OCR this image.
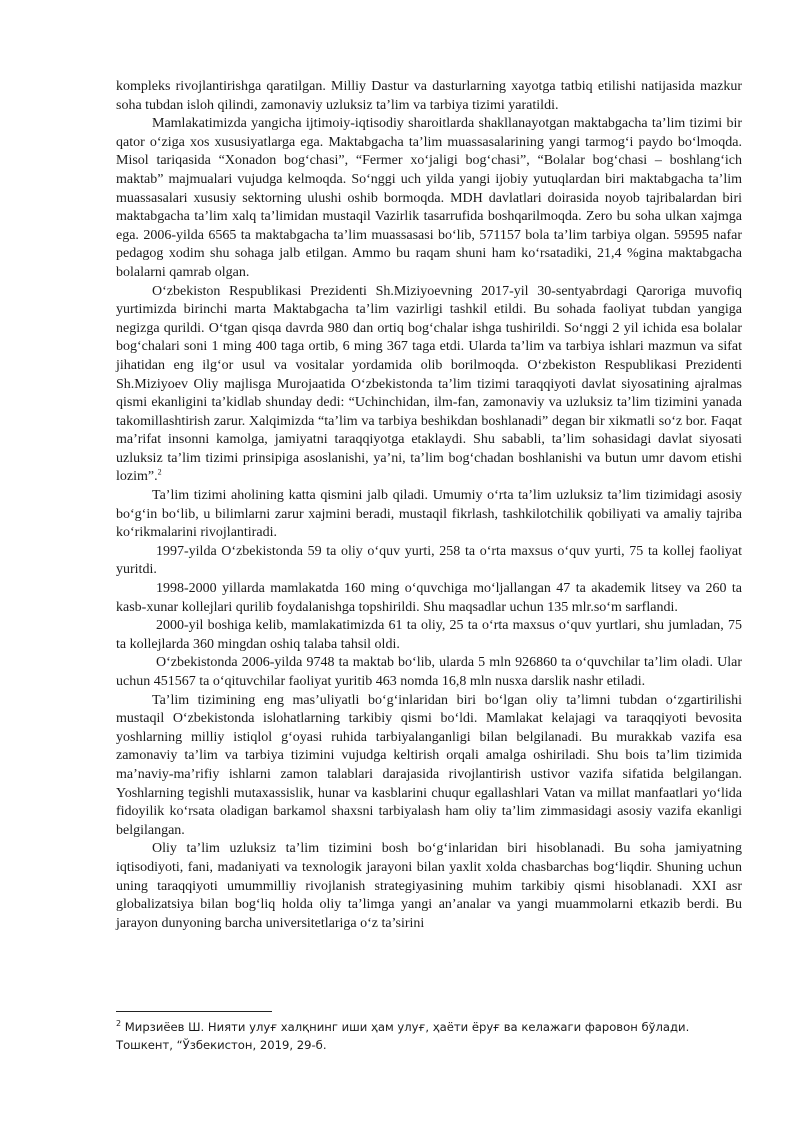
kompleks rivojlantirishga qaratilgan. Milliy Dastur va dasturlarning xayotga tatbiq etilishi natijasida mazkur soha tubdan isloh qilindi, zamonaviy uzluksiz ta’lim va tarbiya tizimi yaratildi.

Mamlakatimizda yangicha ijtimoiy-iqtisodiy sharoitlarda shakllanayotgan maktabgacha ta’lim tizimi bir qator o‘ziga xos xususiyatlarga ega. Maktabgacha ta’lim muassasalarining yangi tarmog‘i paydo bo‘lmoqda. Misol tariqasida “Xonadon bog‘chasi”, “Fermer xo‘jaligi bog‘chasi”, “Bolalar bog‘chasi – boshlang‘ich maktab” majmualari vujudga kelmoqda. So‘nggi uch yilda yangi ijobiy yutuqlardan biri maktabgacha ta’lim muassasalari xususiy sektorning ulushi oshib bormoqda. MDH davlatlari doirasida noyob tajribalardan biri maktabgacha ta’lim xalq ta’limidan mustaqil Vazirlik tasarrufida boshqarilmoqda. Zero bu soha ulkan xajmga ega. 2006-yilda 6565 ta maktabgacha ta’lim muassasasi bo‘lib, 571157 bola ta’lim tarbiya olgan. 59595 nafar pedagog xodim shu sohaga jalb etilgan. Ammo bu raqam shuni ham ko‘rsatadiki, 21,4 %gina maktabgacha bolalarni qamrab olgan.

O‘zbekiston Respublikasi Prezidenti Sh.Miziyoevning 2017-yil 30-sentyabrdagi Qaroriga muvofiq yurtimizda birinchi marta Maktabgacha ta’lim vazirligi tashkil etildi. Bu sohada faoliyat tubdan yangiga negizga qurildi. O‘tgan qisqa davrda 980 dan ortiq bog‘chalar ishga tushirildi. So‘nggi 2 yil ichida esa bolalar bog‘chalari soni 1 ming 400 taga ortib, 6 ming 367 taga etdi. Ularda ta’lim va tarbiya ishlari mazmun va sifat jihatidan eng ilg‘or usul va vositalar yordamida olib borilmoqda. O‘zbekiston Respublikasi Prezidenti Sh.Miziyoev Oliy majlisga Murojaatida O‘zbekistonda ta’lim tizimi taraqqiyoti davlat siyosatining ajralmas qismi ekanligini ta’kidlab shunday dedi: “Uchinchidan, ilm-fan, zamonaviy va uzluksiz ta’lim tizimini yanada takomillashtirish zarur. Xalqimizda “ta’lim va tarbiya beshikdan boshlanadi” degan bir xikmatli so‘z bor. Faqat ma’rifat insonni kamolga, jamiyatni taraqqiyotga etaklaydi. Shu sababli, ta’lim sohasidagi davlat siyosati uzluksiz ta’lim tizimi prinsipiga asoslanishi, ya’ni, ta’lim bog‘chadan boshlanishi va butun umr davom etishi lozim”.$^2$

Ta’lim tizimi aholining katta qismini jalb qiladi. Umumiy o‘rta ta’lim uzluksiz ta’lim tizimidagi asosiy bo‘g‘in bo‘lib, u bilimlarni zarur xajmini beradi, mustaqil fikrlash, tashkilotchilik qobiliyati va amaliy tajriba ko‘rikmalarini rivojlantiradi.

1997-yilda O‘zbekistonda 59 ta oliy o‘quv yurti, 258 ta o‘rta maxsus o‘quv yurti, 75 ta kollej faoliyat yuritdi.

1998-2000 yillarda mamlakatda 160 ming o‘quvchiga mo‘ljallangan 47 ta akademik litsey va 260 ta kasb-xunar kollejlari qurilib foydalanishga topshirildi. Shu maqsadlar uchun 135 mlr.so‘m sarflandi.

2000-yil boshiga kelib, mamlakatimizda 61 ta oliy, 25 ta o‘rta maxsus o‘quv yurtlari, shu jumladan, 75 ta kollejlarda 360 mingdan oshiq talaba tahsil oldi.

O‘zbekistonda 2006-yilda 9748 ta maktab bo‘lib, ularda 5 mln 926860 ta o‘quvchilar ta’lim oladi. Ular uchun 451567 ta o‘qituvchilar faoliyat yuritib 463 nomda 16,8 mln nusxa darslik nashr etiladi.

Ta’lim tizimining eng mas’uliyatli bo‘g‘inlaridan biri bo‘lgan oliy ta’limni tubdan o‘zgartirilishi mustaqil O‘zbekistonda islohatlarning tarkibiy qismi bo‘ldi. Mamlakat kelajagi va taraqqiyoti bevosita yoshlarning milliy istiqlol g‘oyasi ruhida tarbiyalanganligi bilan belgilanadi. Bu murakkab vazifa esa zamonaviy ta’lim va tarbiya tizimini vujudga keltirish orqali amalga oshiriladi. Shu bois ta’lim tizimida ma’naviy-ma’rifiy ishlarni zamon talablari darajasida rivojlantirish ustivor vazifa sifatida belgilangan. Yoshlarning tegishli mutaxassislik, hunar va kasblarini chuqur egallashlari Vatan va millat manfaatlari yo‘lida fidoyilik ko‘rsata oladigan barkamol shaxsni tarbiyalash ham oliy ta’lim zimmasidagi asosiy vazifa ekanligi belgilangan.

Oliy ta’lim uzluksiz ta’lim tizimini bosh bo‘g‘inlaridan biri hisoblanadi. Bu soha jamiyatning iqtisodiyoti, fani, madaniyati va texnologik jarayoni bilan yaxlit xolda chasbarchas bog‘liqdir. Shuning uchun uning taraqqiyoti umummilliy rivojlanish strategiyasining muhim tarkibiy qismi hisoblanadi. XXI asr globalizatsiya bilan bog‘liq holda oliy ta’limga yangi an’analar va yangi muammolarni etkazib berdi. Bu jarayon dunyoning barcha universitetlariga o‘z ta’sirini

$^2$ Мирзиёев Ш. Нияти улуғ халқнинг иши ҳам улуғ, ҳаёти ёруғ ва келажаги фаровон бўлади. Тошкент, “Ўзбекистон, 2019, 29-б.
